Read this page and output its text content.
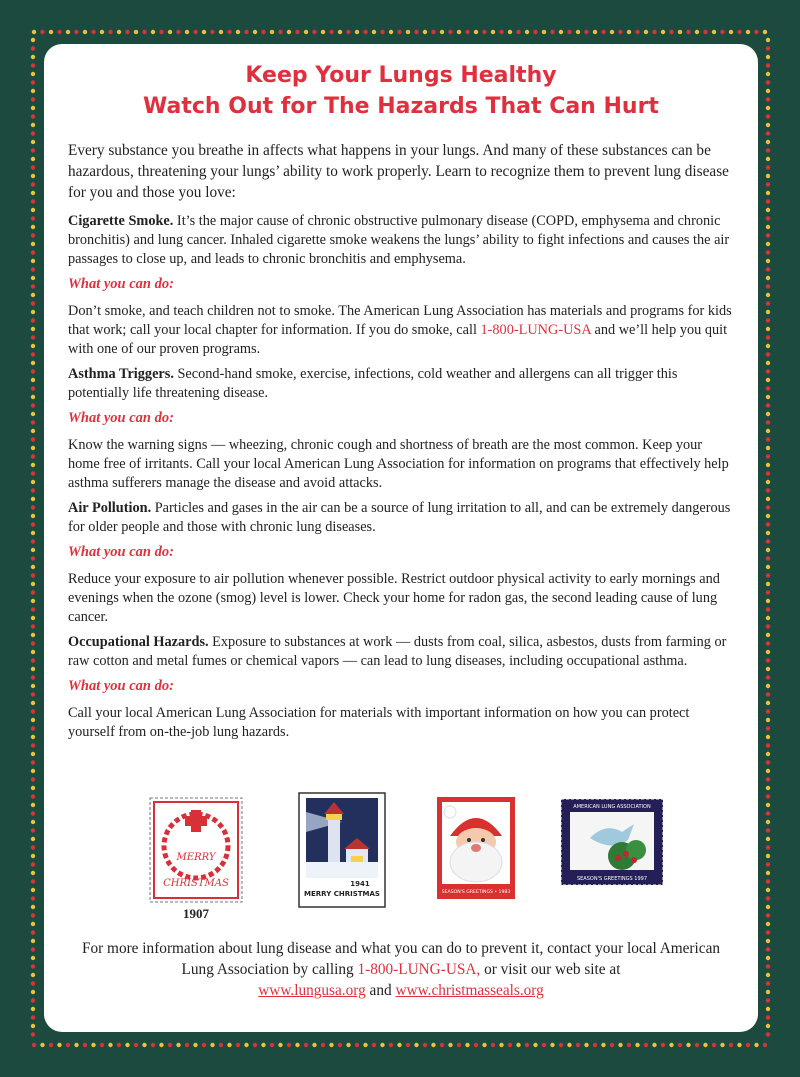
Keep Your Lungs Healthy
Watch Out for The Hazards That Can Hurt

Every substance you breathe in affects what happens in your lungs. And many of these substances can be hazardous, threatening your lungs’ ability to work properly. Learn to recognize them to prevent lung disease for you and those you love:

Cigarette Smoke. It’s the major cause of chronic obstructive pulmonary disease (COPD, emphysema and chronic bronchitis) and lung cancer. Inhaled cigarette smoke weakens the lungs’ ability to fight infections and causes the air passages to close up, and leads to chronic bronchitis and emphysema.

What you can do:

Don’t smoke, and teach children not to smoke. The American Lung Association has materials and programs for kids that work; call your local chapter for information. If you do smoke, call 1-800-LUNG-USA and we’ll help you quit with one of our proven programs.

Asthma Triggers. Second-hand smoke, exercise, infections, cold weather and allergens can all trigger this potentially life threatening disease.

What you can do:

Know the warning signs — wheezing, chronic cough and shortness of breath are the most common. Keep your home free of irritants. Call your local American Lung Association for information on programs that effectively help asthma sufferers manage the disease and avoid attacks.

Air Pollution. Particles and gases in the air can be a source of lung irritation to all, and can be extremely dangerous for older people and those with chronic lung diseases.

What you can do:

Reduce your exposure to air pollution whenever possible. Restrict outdoor physical activity to early mornings and evenings when the ozone (smog) level is lower. Check your home for radon gas, the second leading cause of lung cancer.

Occupational Hazards. Exposure to substances at work — dusts from coal, silica, asbestos, dusts from farming or raw cotton and metal fumes or chemical vapors — can lead to lung diseases, including occupational asthma.

What you can do:

Call your local American Lung Association for materials with important information on how you can protect yourself from on-the-job lung hazards.

MERRY
CHRISTMAS
1907
1941
MERRY CHRISTMAS	SEASON'S GREETINGS • 1983
AMERICAN LUNG ASSOCIATION
SEASON'S GREETINGS 1997
For more information about lung disease and what you can do to prevent it, contact your local American Lung Association by calling 1-800-LUNG-USA, or visit our web site at
www.lungusa.org and www.christmasseals.org
